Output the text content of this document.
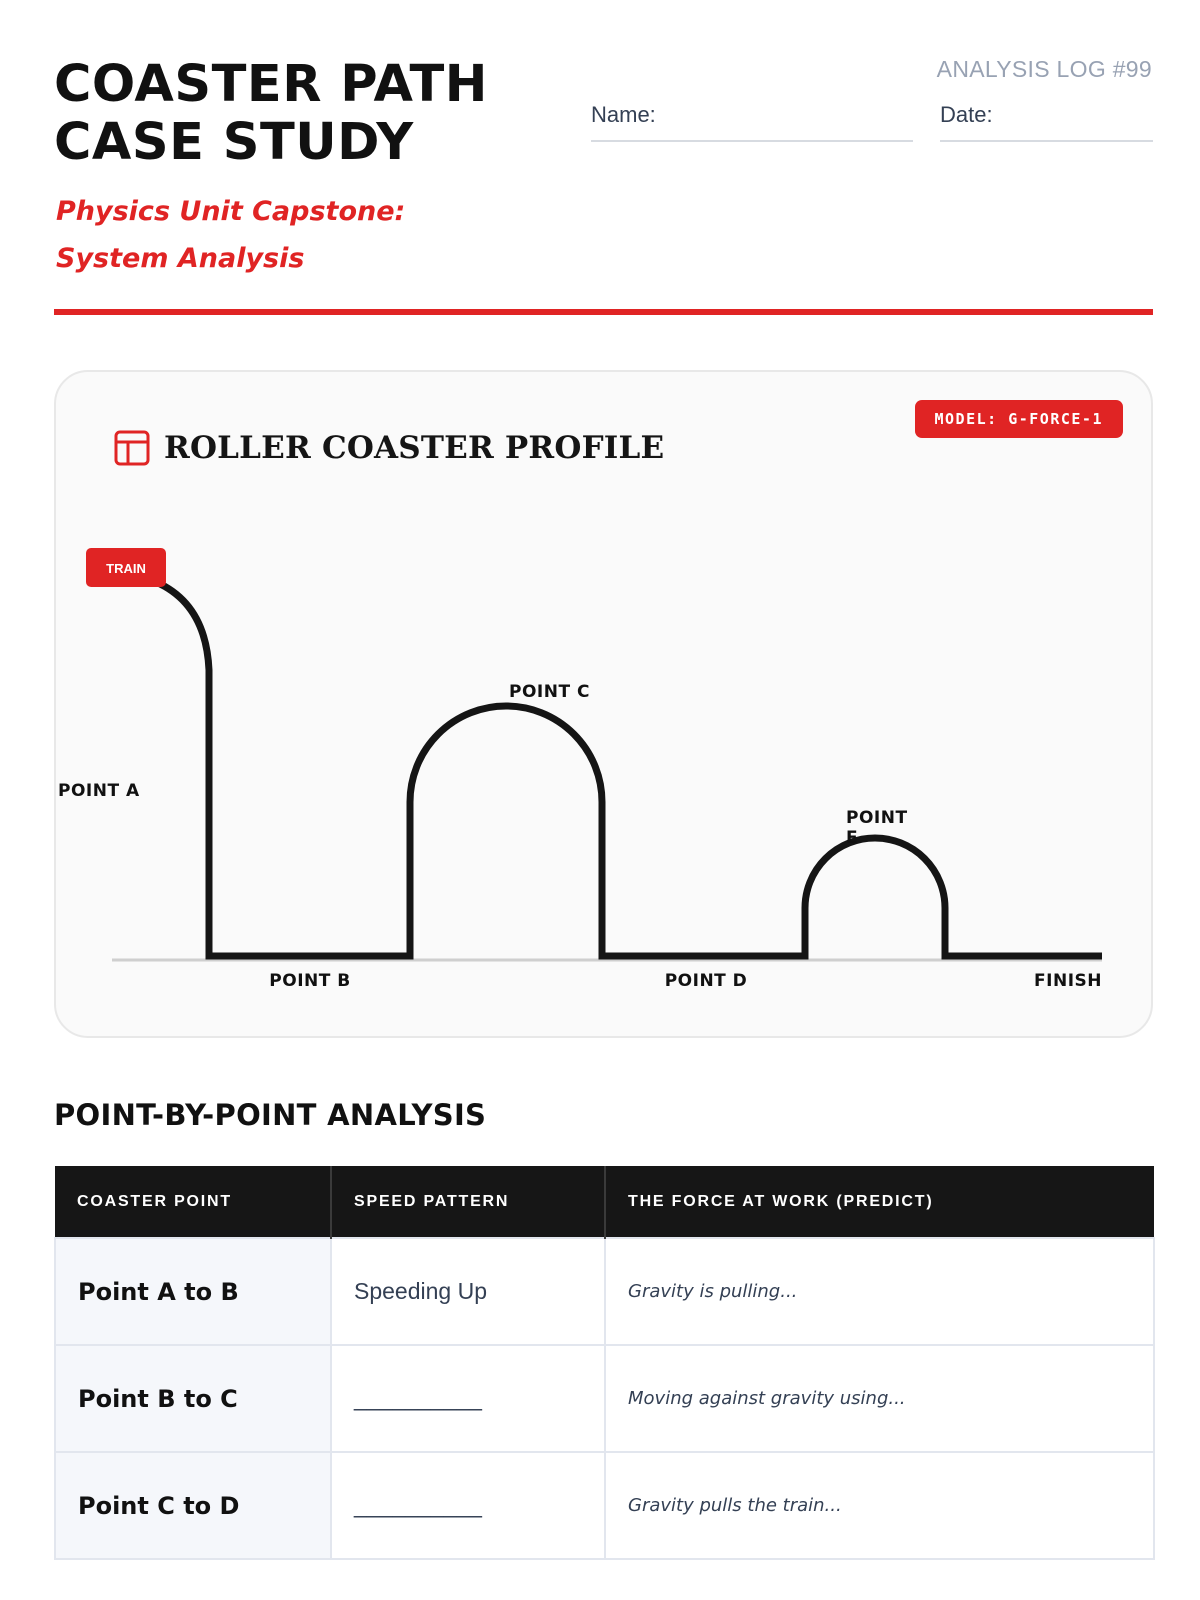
COASTER PATH
CASE STUDY
Physics Unit Capstone: System Analysis
ANALYSIS LOG #99
Name:	Date:
MODEL: G-FORCE-1
ROLLER COASTER PROFILE
TRAIN
POINT A
POINT B
POINT C
POINT D
POINT
E
FINISH
POINT-BY-POINT ANALYSIS
COASTER POINT	SPEED PATTERN	THE FORCE AT WORK (PREDICT)
Point A to B	Speeding Up	Gravity is pulling...
Point B to C	__________	Moving against gravity using...
Point C to D	__________	Gravity pulls the train...
